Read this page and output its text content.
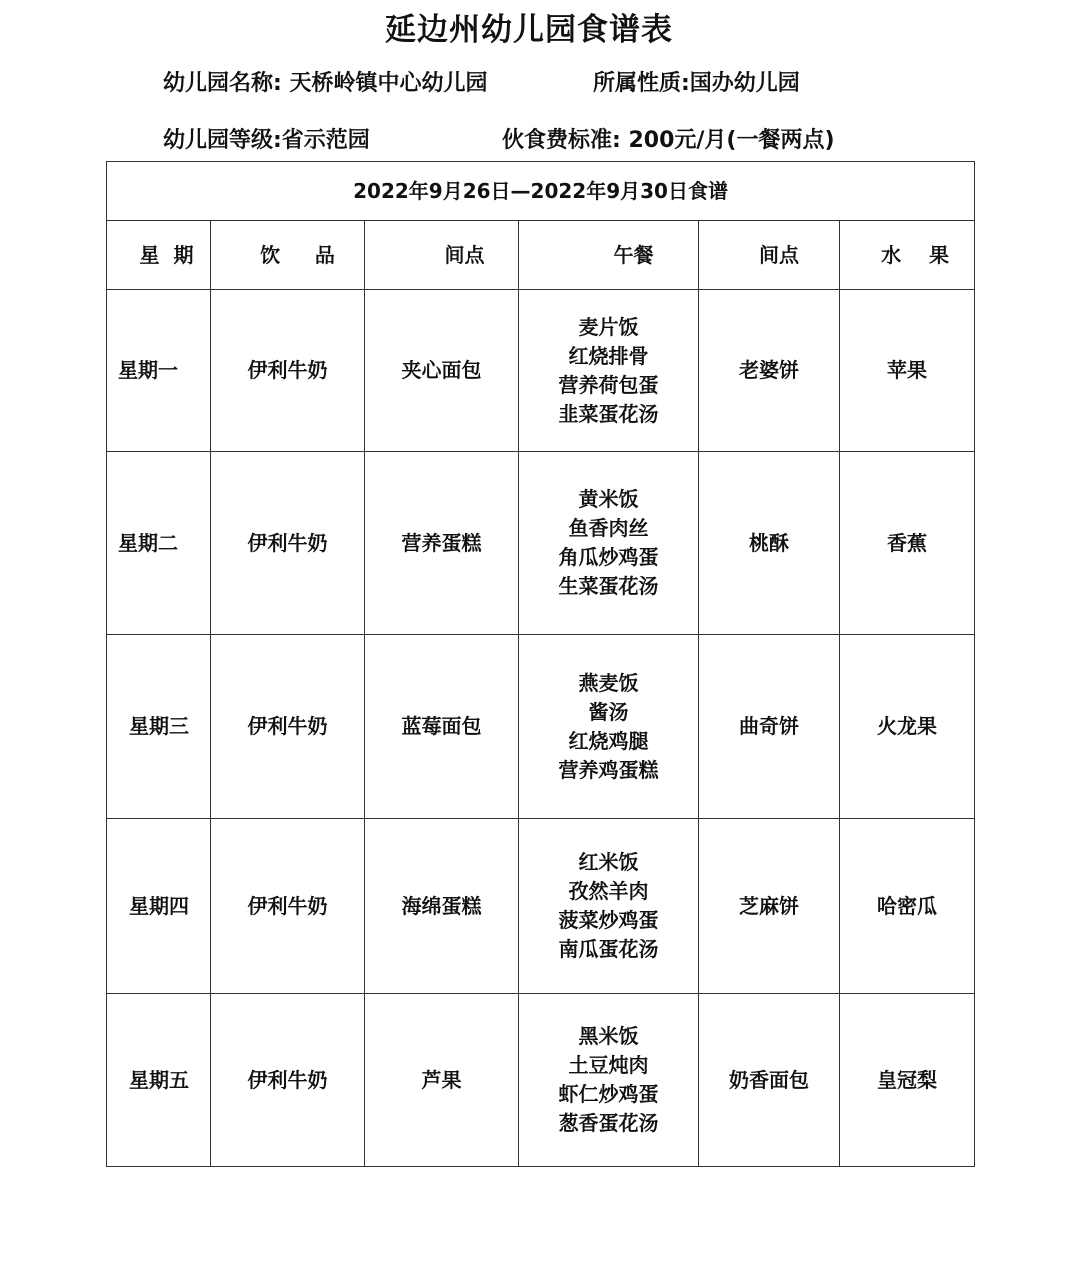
延边州幼儿园食谱表
幼儿园名称: 天桥岭镇中心幼儿园	所属性质:国办幼儿园
幼儿园等级:省示范园	伙食费标准: 200元/月(一餐两点)
2022年9月26日—2022年9月30日食谱					
星  期	饮     品	间点	午餐	间点	水    果
星期一	伊利牛奶	夹心面包	麦片饭
红烧排骨
营养荷包蛋
韭菜蛋花汤	老婆饼	苹果
星期二	伊利牛奶	营养蛋糕	黄米饭
鱼香肉丝
角瓜炒鸡蛋
生菜蛋花汤	桃酥	香蕉
星期三	伊利牛奶	蓝莓面包	燕麦饭
酱汤
红烧鸡腿
营养鸡蛋糕	曲奇饼	火龙果
星期四	伊利牛奶	海绵蛋糕	红米饭
孜然羊肉
菠菜炒鸡蛋
南瓜蛋花汤	芝麻饼	哈密瓜
星期五	伊利牛奶	芦果	黑米饭
土豆炖肉
虾仁炒鸡蛋
葱香蛋花汤	奶香面包	皇冠梨
